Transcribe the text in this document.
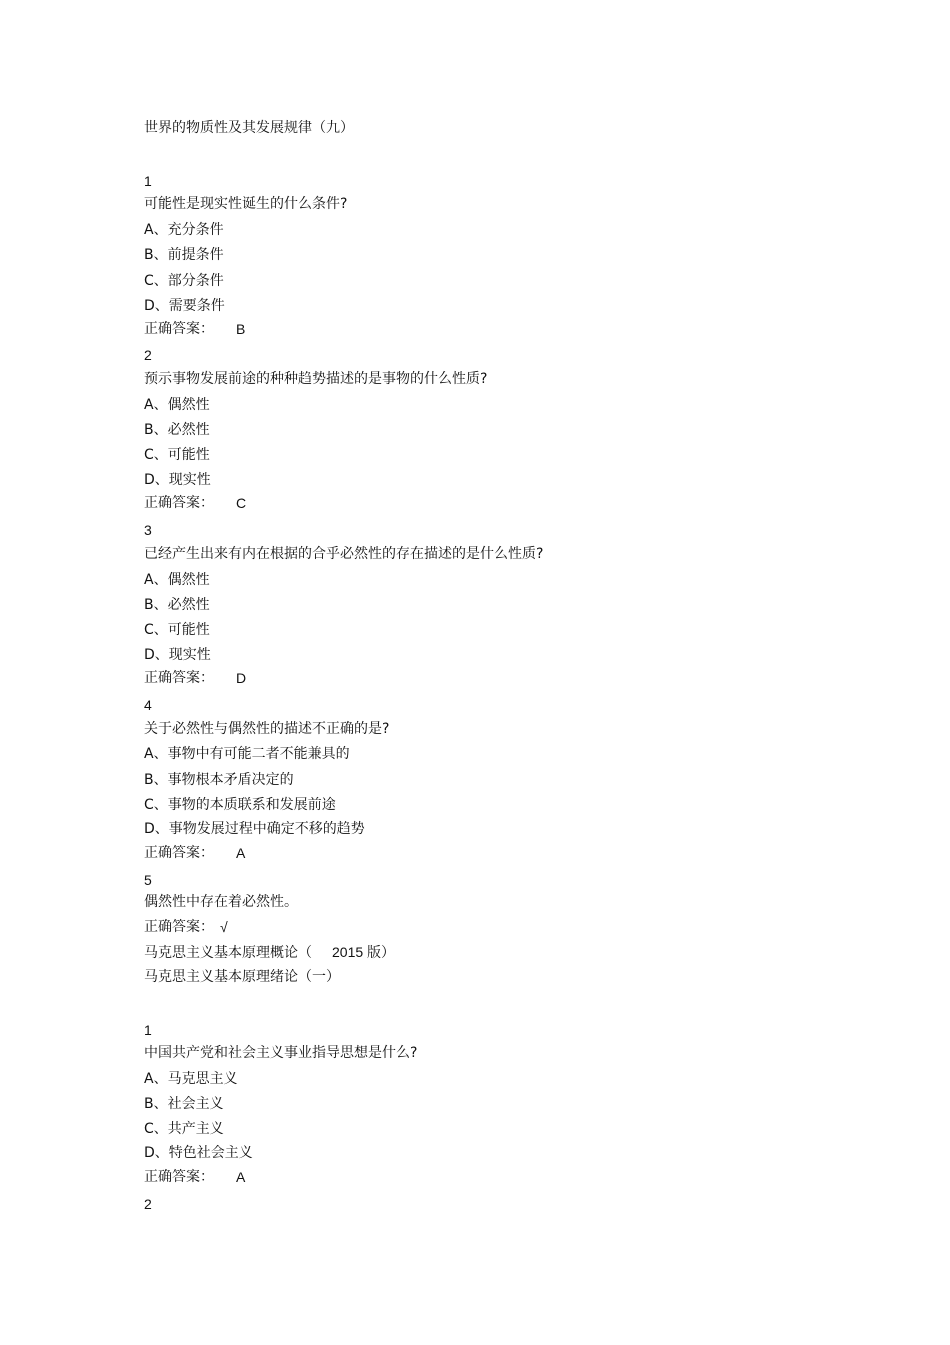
世界的物质性及其发展规律（九）

1

可能性是现实性诞生的什么条件?

A、充分条件

B、前提条件

C、部分条件

D、需要条件

正确答案： B

2

预示事物发展前途的种种趋势描述的是事物的什么性质?

A、偶然性

B、必然性

C、可能性

D、现实性

正确答案： C

3

已经产生出来有内在根据的合乎必然性的存在描述的是什么性质?

A、偶然性

B、必然性

C、可能性

D、现实性

正确答案： D

4

关于必然性与偶然性的描述不正确的是?

A、事物中有可能二者不能兼具的

B、事物根本矛盾决定的

C、事物的本质联系和发展前途

D、事物发展过程中确定不移的趋势

正确答案： A

5

偶然性中存在着必然性。

正确答案： √

马克思主义基本原理概论（ 2015 版）

马克思主义基本原理绪论（一）

1

中国共产党和社会主义事业指导思想是什么?

A、马克思主义

B、社会主义

C、共产主义

D、特色社会主义

正确答案： A

2
